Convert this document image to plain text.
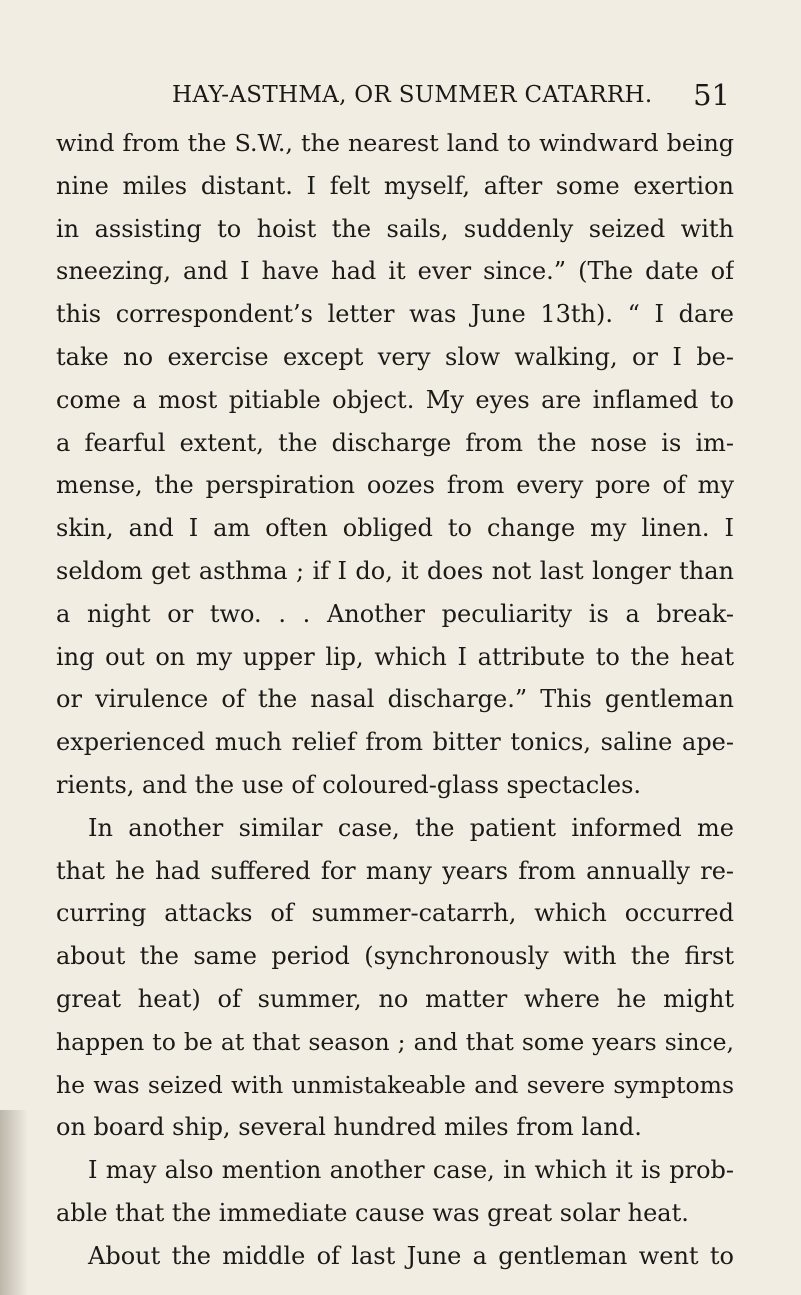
HAY-ASTHMA, OR SUMMER CATARRH.	51
wind from the S.W., the nearest land to windward being
nine miles distant. I felt myself, after some exertion
in assisting to hoist the sails, suddenly seized with
sneezing, and I have had it ever since.” (The date of
this correspondent’s letter was June 13th). “ I dare
take no exercise except very slow walking, or I be-
come a most pitiable object. My eyes are inflamed to
a fearful extent, the discharge from the nose is im-
mense, the perspiration oozes from every pore of my
skin, and I am often obliged to change my linen. I
seldom get asthma ; if I do, it does not last longer than
a night or two. . . Another peculiarity is a break-
ing out on my upper lip, which I attribute to the heat
or virulence of the nasal discharge.” This gentleman
experienced much relief from bitter tonics, saline ape-
rients, and the use of coloured-glass spectacles.
In another similar case, the patient informed me
that he had suffered for many years from annually re-
curring attacks of summer-catarrh, which occurred
about the same period (synchronously with the first
great heat) of summer, no matter where he might
happen to be at that season ; and that some years since,
he was seized with unmistakeable and severe symptoms
on board ship, several hundred miles from land.
I may also mention another case, in which it is prob-
able that the immediate cause was great solar heat.
About the middle of last June a gentleman went to
